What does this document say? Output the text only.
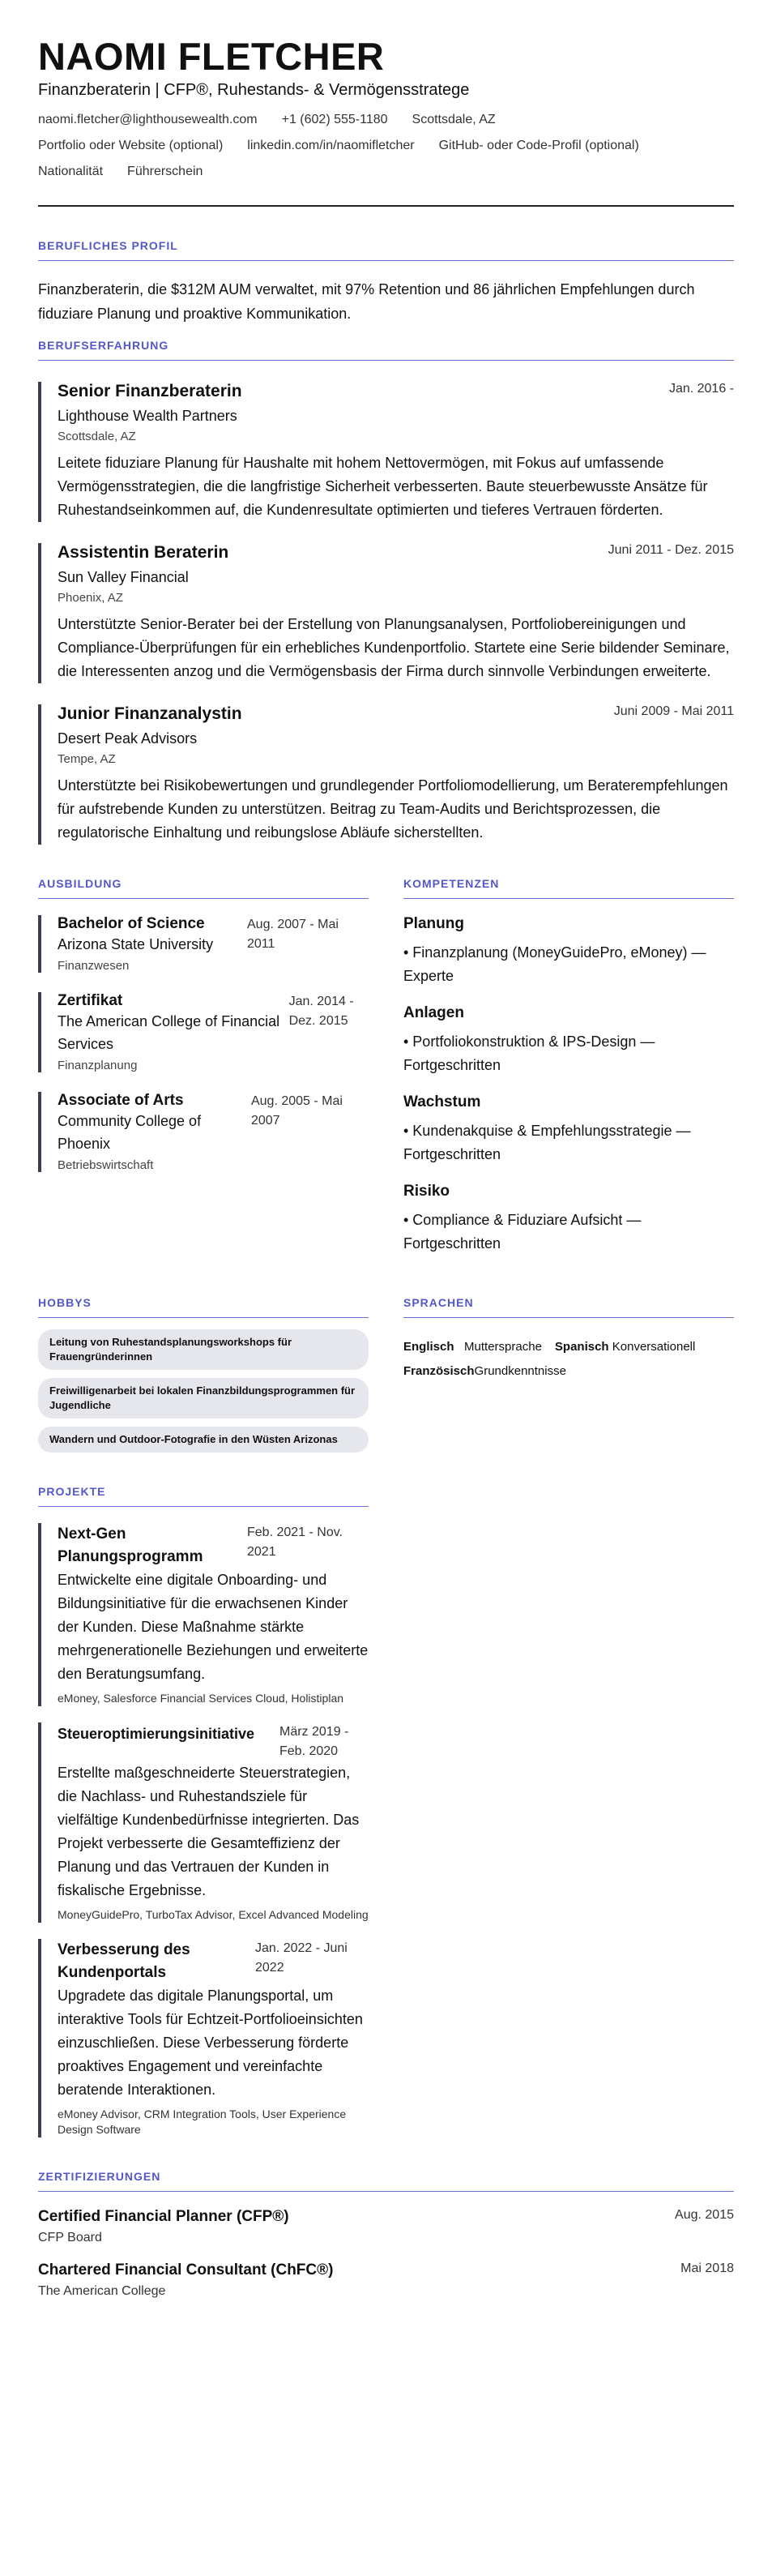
NAOMI FLETCHER
Finanzberaterin | CFP®, Ruhestands- & Vermögensstratege
naomi.fletcher@lighthousewealth.com +1 (602) 555-1180 Scottsdale, AZ
Portfolio oder Website (optional) linkedin.com/in/naomifletcher GitHub- oder Code-Profil (optional)
Nationalität Führerschein
BERUFLICHES PROFIL

Finanzberaterin, die $312M AUM verwaltet, mit 97% Retention und 86 jährlichen Empfehlungen durch fiduziare Planung und proaktive Kommunikation.

BERUFSERFAHRUNG
Senior Finanzberaterin	Jan. 2016 -
Lighthouse Wealth Partners
Scottsdale, AZ
Leitete fiduziare Planung für Haushalte mit hohem Nettovermögen, mit Fokus auf umfassende Vermögensstrategien, die die langfristige Sicherheit verbesserten. Baute steuerbewusste Ansätze für Ruhestandseinkommen auf, die Kundenresultate optimierten und tieferes Vertrauen förderten.
Assistentin Beraterin	Juni 2011 - Dez. 2015
Sun Valley Financial
Phoenix, AZ
Unterstützte Senior-Berater bei der Erstellung von Planungsanalysen, Portfoliobereinigungen und Compliance-Überprüfungen für ein erhebliches Kundenportfolio. Startete eine Serie bildender Seminare, die Interessenten anzog und die Vermögensbasis der Firma durch sinnvolle Verbindungen erweiterte.
Junior Finanzanalystin	Juni 2009 - Mai 2011
Desert Peak Advisors
Tempe, AZ
Unterstützte bei Risikobewertungen und grundlegender Portfoliomodellierung, um Beraterempfehlungen für aufstrebende Kunden zu unterstützen. Beitrag zu Team-Audits und Berichtsprozessen, die regulatorische Einhaltung und reibungslose Abläufe sicherstellten.
AUSBILDUNG
Bachelor of Science
Arizona State University
Aug. 2007 - Mai 2011
Finanzwesen
Zertifikat
The American College of Financial Services
Jan. 2014 - Dez. 2015
Finanzplanung
Associate of Arts
Community College of Phoenix
Aug. 2005 - Mai 2007
Betriebswirtschaft
KOMPETENZEN
Planung
• Finanzplanung (MoneyGuidePro, eMoney) — Experte
Anlagen
• Portfoliokonstruktion & IPS-Design — Fortgeschritten
Wachstum
• Kundenakquise & Empfehlungsstrategie — Fortgeschritten
Risiko
• Compliance & Fiduziare Aufsicht — Fortgeschritten
HOBBYS
Leitung von Ruhestandsplanungsworkshops für Frauengründerinnen
Freiwilligenarbeit bei lokalen Finanzbildungsprogrammen für Jugendliche
Wandern und Outdoor-Fotografie in den Wüsten Arizonas
SPRACHEN
Englisch Muttersprache Spanisch Konversationell
FranzösischGrundkenntnisse
PROJEKTE
Next-Gen Planungsprogramm
Feb. 2021 - Nov. 2021
Entwickelte eine digitale Onboarding- und Bildungsinitiative für die erwachsenen Kinder der Kunden. Diese Maßnahme stärkte mehrgenerationelle Beziehungen und erweiterte den Beratungsumfang.
eMoney, Salesforce Financial Services Cloud, Holistiplan
Steueroptimierungsinitiative März 2019 - Feb. 2020
Erstellte maßgeschneiderte Steuerstrategien, die Nachlass- und Ruhestandsziele für vielfältige Kundenbedürfnisse integrierten. Das Projekt verbesserte die Gesamteffizienz der Planung und das Vertrauen der Kunden in fiskalische Ergebnisse.
MoneyGuidePro, TurboTax Advisor, Excel Advanced Modeling
Verbesserung des Kundenportals
Jan. 2022 - Juni 2022
Upgradete das digitale Planungsportal, um interaktive Tools für Echtzeit-Portfolioeinsichten einzuschließen. Diese Verbesserung förderte proaktives Engagement und vereinfachte beratende Interaktionen.
eMoney Advisor, CRM Integration Tools, User Experience Design Software
ZERTIFIZIERUNGEN
Certified Financial Planner (CFP®)
CFP Board
Aug. 2015
Chartered Financial Consultant (ChFC®)
The American College
Mai 2018
